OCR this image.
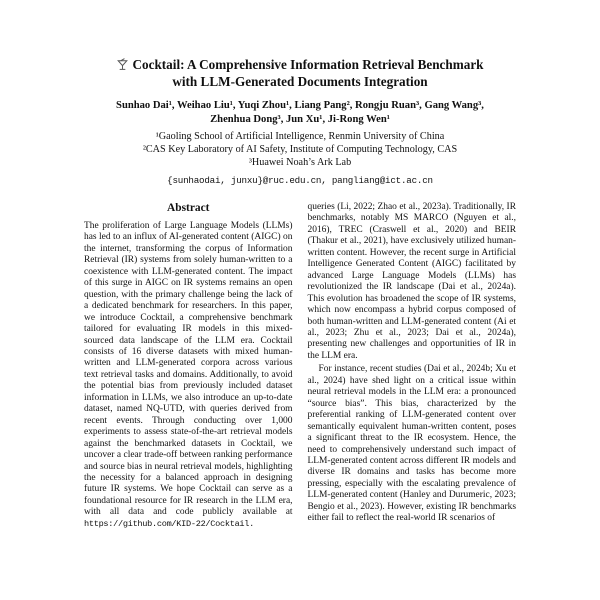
Cocktail: A Comprehensive Information Retrieval Benchmark
with LLM-Generated Documents Integration
Sunhao Dai¹, Weihao Liu¹, Yuqi Zhou¹, Liang Pang², Rongju Ruan³, Gang Wang³,
Zhenhua Dong³, Jun Xu¹, Ji-Rong Wen¹
¹Gaoling School of Artificial Intelligence, Renmin University of China
²CAS Key Laboratory of AI Safety, Institute of Computing Technology, CAS
³Huawei Noah’s Ark Lab
{sunhaodai, junxu}@ruc.edu.cn, pangliang@ict.ac.cn
Abstract

The proliferation of Large Language Models (LLMs) has led to an influx of AI-generated content (AIGC) on the internet, transforming the corpus of Information Retrieval (IR) systems from solely human-written to a coexistence with LLM-generated content. The impact of this surge in AIGC on IR systems remains an open question, with the primary challenge being the lack of a dedicated benchmark for researchers. In this paper, we introduce Cocktail, a comprehensive benchmark tailored for evaluating IR models in this mixed-sourced data landscape of the LLM era. Cocktail consists of 16 diverse datasets with mixed human-written and LLM-generated corpora across various text retrieval tasks and domains. Additionally, to avoid the potential bias from previously included dataset information in LLMs, we also introduce an up-to-date dataset, named NQ-UTD, with queries derived from recent events. Through conducting over 1,000 experiments to assess state-of-the-art retrieval models against the benchmarked datasets in Cocktail, we uncover a clear trade-off between ranking performance and source bias in neural retrieval models, highlighting the necessity for a balanced approach in designing future IR systems. We hope Cocktail can serve as a foundational resource for IR research in the LLM era, with all data and code publicly available at https://github.com/KID-22/Cocktail.

queries (Li, 2022; Zhao et al., 2023a). Traditionally, IR benchmarks, notably MS MARCO (Nguyen et al., 2016), TREC (Craswell et al., 2020) and BEIR (Thakur et al., 2021), have exclusively utilized human-written content. However, the recent surge in Artificial Intelligence Generated Content (AIGC) facilitated by advanced Large Language Models (LLMs) has revolutionized the IR landscape (Dai et al., 2024a). This evolution has broadened the scope of IR systems, which now encompass a hybrid corpus composed of both human-written and LLM-generated content (Ai et al., 2023; Zhu et al., 2023; Dai et al., 2024a), presenting new challenges and opportunities of IR in the LLM era.

For instance, recent studies (Dai et al., 2024b; Xu et al., 2024) have shed light on a critical issue within neural retrieval models in the LLM era: a pronounced “source bias”. This bias, characterized by the preferential ranking of LLM-generated content over semantically equivalent human-written content, poses a significant threat to the IR ecosystem. Hence, the need to comprehensively understand such impact of LLM-generated content across different IR models and diverse IR domains and tasks has become more pressing, especially with the escalating prevalence of LLM-generated content (Hanley and Durumeric, 2023; Bengio et al., 2023). However, existing IR benchmarks either fail to reflect the real-world IR scenarios of
